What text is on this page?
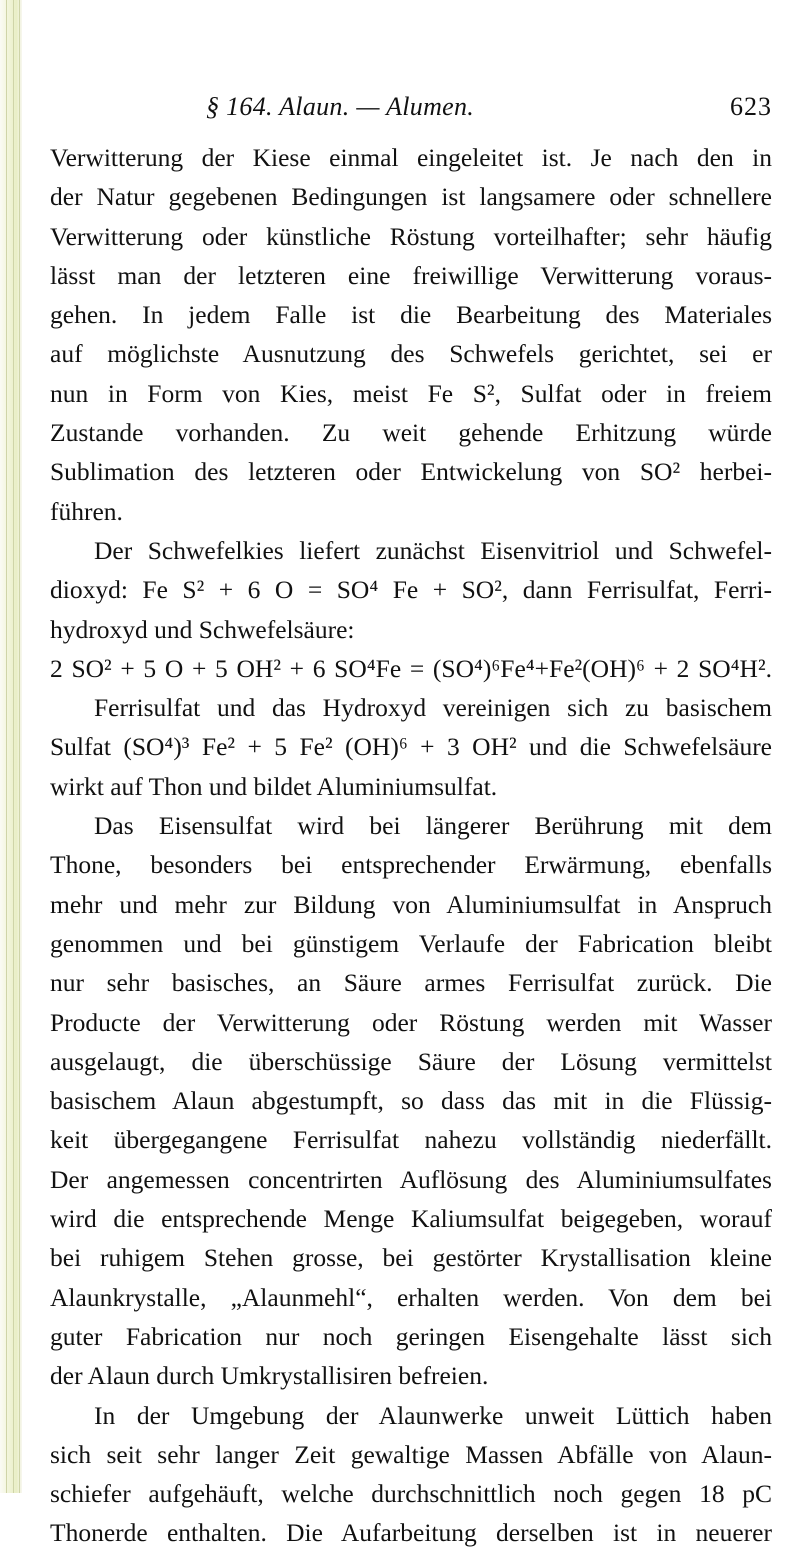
§ 164. Alaun. — Alumen.	623
Verwitterung der Kiese einmal eingeleitet ist. Je nach den in
der Natur gegebenen Bedingungen ist langsamere oder schnellere
Verwitterung oder künstliche Röstung vorteilhafter; sehr häufig
lässt man der letzteren eine freiwillige Verwitterung voraus-
gehen. In jedem Falle ist die Bearbeitung des Materiales
auf möglichste Ausnutzung des Schwefels gerichtet, sei er
nun in Form von Kies, meist Fe S², Sulfat oder in freiem
Zustande vorhanden. Zu weit gehende Erhitzung würde
Sublimation des letzteren oder Entwickelung von SO² herbei-
führen.
Der Schwefelkies liefert zunächst Eisenvitriol und Schwefel-
dioxyd: Fe S² + 6 O = SO⁴ Fe + SO², dann Ferrisulfat, Ferri-
hydroxyd und Schwefelsäure:
2 SO² + 5 O + 5 OH² + 6 SO⁴Fe = (SO⁴)⁶Fe⁴+Fe²(OH)⁶ + 2 SO⁴H².
Ferrisulfat und das Hydroxyd vereinigen sich zu basischem
Sulfat (SO⁴)³ Fe² + 5 Fe² (OH)⁶ + 3 OH² und die Schwefelsäure
wirkt auf Thon und bildet Aluminiumsulfat.
Das Eisensulfat wird bei längerer Berührung mit dem
Thone, besonders bei entsprechender Erwärmung, ebenfalls
mehr und mehr zur Bildung von Aluminiumsulfat in Anspruch
genommen und bei günstigem Verlaufe der Fabrication bleibt
nur sehr basisches, an Säure armes Ferrisulfat zurück. Die
Producte der Verwitterung oder Röstung werden mit Wasser
ausgelaugt, die überschüssige Säure der Lösung vermittelst
basischem Alaun abgestumpft, so dass das mit in die Flüssig-
keit übergegangene Ferrisulfat nahezu vollständig niederfällt.
Der angemessen concentrirten Auflösung des Aluminiumsulfates
wird die entsprechende Menge Kaliumsulfat beigegeben, worauf
bei ruhigem Stehen grosse, bei gestörter Krystallisation kleine
Alaunkrystalle, „Alaunmehl“, erhalten werden. Von dem bei
guter Fabrication nur noch geringen Eisengehalte lässt sich
der Alaun durch Umkrystallisiren befreien.
In der Umgebung der Alaunwerke unweit Lüttich haben
sich seit sehr langer Zeit gewaltige Massen Abfälle von Alaun-
schiefer aufgehäuft, welche durchschnittlich noch gegen 18 pC
Thonerde enthalten. Die Aufarbeitung derselben ist in neuerer
